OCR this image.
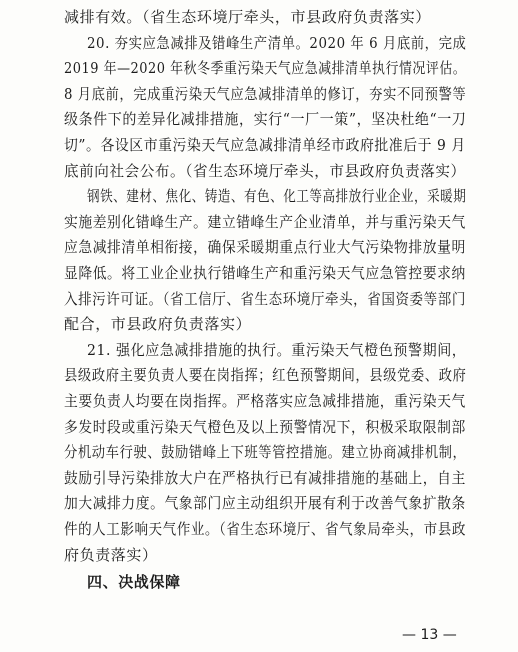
减排有效。（省生态环境厅牵头，市县政府负责落实）
20. 夯实应急减排及错峰生产清单。2020 年 6 月底前，完成
2019 年—2020 年秋冬季重污染天气应急减排清单执行情况评估。
8 月底前，完成重污染天气应急减排清单的修订，夯实不同预警等
级条件下的差异化减排措施，实行“一厂一策”，坚决杜绝“一刀
切”。各设区市重污染天气应急减排清单经市政府批准后于 9 月
底前向社会公布。（省生态环境厅牵头，市县政府负责落实）
钢铁、建材、焦化、铸造、有色、化工等高排放行业企业，采暖期
实施差别化错峰生产。建立错峰生产企业清单，并与重污染天气
应急减排清单相衔接，确保采暖期重点行业大气污染物排放量明
显降低。将工业企业执行错峰生产和重污染天气应急管控要求纳
入排污许可证。（省工信厅、省生态环境厅牵头，省国资委等部门
配合，市县政府负责落实）
21. 强化应急减排措施的执行。重污染天气橙色预警期间，
县级政府主要负责人要在岗指挥；红色预警期间，县级党委、政府
主要负责人均要在岗指挥。严格落实应急减排措施，重污染天气
多发时段或重污染天气橙色及以上预警情况下，积极采取限制部
分机动车行驶、鼓励错峰上下班等管控措施。建立协商减排机制，
鼓励引导污染排放大户在严格执行已有减排措施的基础上，自主
加大减排力度。气象部门应主动组织开展有利于改善气象扩散条
件的人工影响天气作业。（省生态环境厅、省气象局牵头，市县政
府负责落实）
四、决战保障
— 13 —
